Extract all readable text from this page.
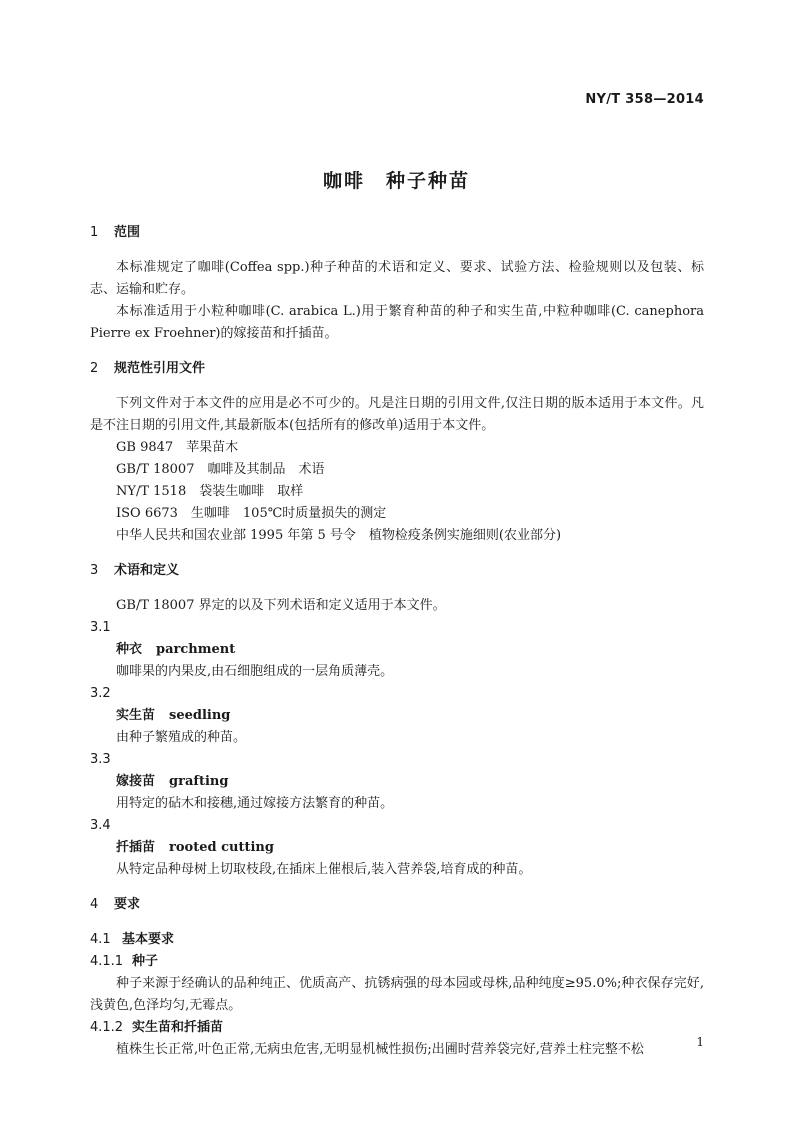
NY/T 358—2014
咖啡　种子种苗
1 范围

本标准规定了咖啡(Coffea spp.)种子种苗的术语和定义、要求、试验方法、检验规则以及包装、标志、运输和贮存。

本标准适用于小粒种咖啡(C. arabica L.)用于繁育种苗的种子和实生苗,中粒种咖啡(C. canephora Pierre ex Froehner)的嫁接苗和扦插苗。

2 规范性引用文件

下列文件对于本文件的应用是必不可少的。凡是注日期的引用文件,仅注日期的版本适用于本文件。凡是不注日期的引用文件,其最新版本(包括所有的修改单)适用于本文件。

GB 9847　苹果苗木
GB/T 18007　咖啡及其制品　术语
NY/T 1518　袋装生咖啡　取样
ISO 6673　生咖啡　105℃时质量损失的测定
中华人民共和国农业部 1995 年第 5 号令　植物检疫条例实施细则(农业部分)
3 术语和定义

GB/T 18007 界定的以及下列术语和定义适用于本文件。

3.1
种衣 parchment
咖啡果的内果皮,由石细胞组成的一层角质薄壳。
3.2
实生苗 seedling
由种子繁殖成的种苗。
3.3
嫁接苗 grafting
用特定的砧木和接穗,通过嫁接方法繁育的种苗。
3.4
扦插苗 rooted cutting
从特定品种母树上切取枝段,在插床上催根后,装入营养袋,培育成的种苗。
4 要求
4.1 基本要求
4.1.1 种子

种子来源于经确认的品种纯正、优质高产、抗锈病强的母本园或母株,品种纯度≥95.0%;种衣保存完好,浅黄色,色泽均匀,无霉点。

4.1.2 实生苗和扦插苗

植株生长正常,叶色正常,无病虫危害,无明显机械性损伤;出圃时营养袋完好,营养土柱完整不松	1
